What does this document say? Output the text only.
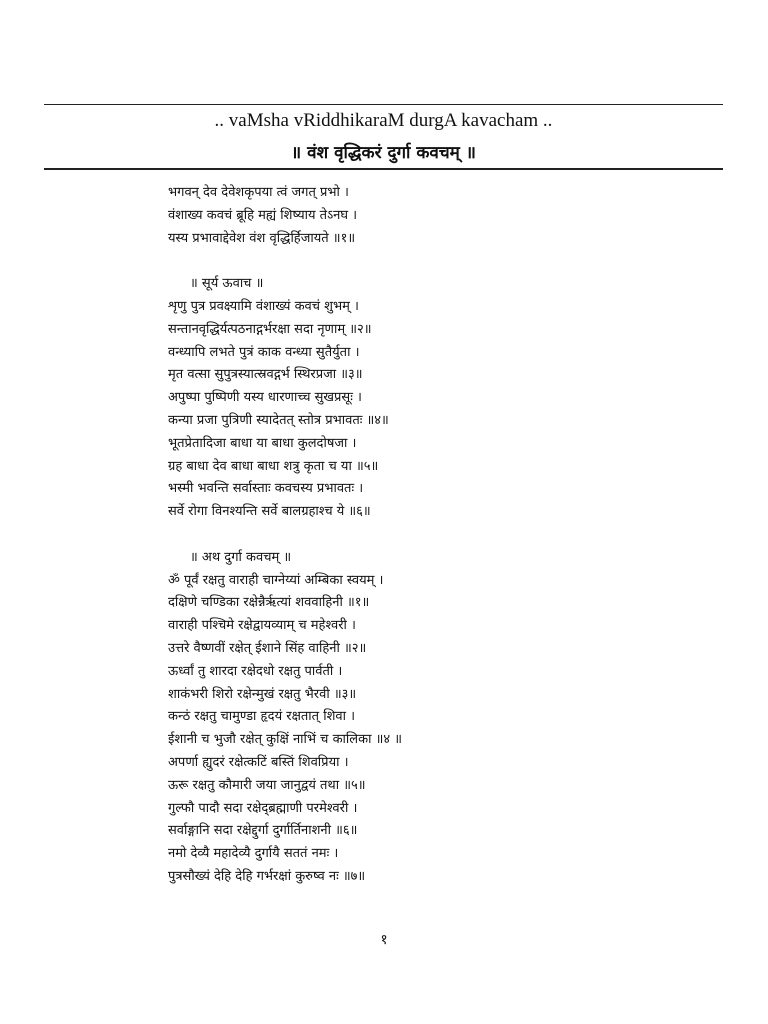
.. vaMsha vRiddhikaraM durgA kavacham ..
॥ वंश वृद्धिकरं दुर्गा कवचम् ॥
भगवन् देव देवेशकृपया त्वं जगत् प्रभो ।
वंशाख्य कवचं ब्रूहि मह्यं शिष्याय तेऽनघ ।
यस्य प्रभावाद्देवेश वंश वृद्धिर्हिजायते ॥१॥
॥ सूर्य ऊवाच ॥
शृणु पुत्र प्रवक्ष्यामि वंशाख्यं कवचं शुभम् ।
सन्तानवृद्धिर्यत्पठनाद्गर्भरक्षा सदा नृणाम् ॥२॥
वन्ध्यापि लभते पुत्रं काक वन्ध्या सुतैर्युता ।
मृत वत्सा सुपुत्रस्यात्स्रवद्गर्भ स्थिरप्रजा ॥३॥
अपुष्पा पुष्पिणी यस्य धारणाच्च सुखप्रसूः ।
कन्या प्रजा पुत्रिणी स्यादेतत् स्तोत्र प्रभावतः ॥४॥
भूतप्रेतादिजा बाधा या बाधा कुलदोषजा ।
ग्रह बाधा देव बाधा बाधा शत्रु कृता च या ॥५॥
भस्मी भवन्ति सर्वास्ताः कवचस्य प्रभावतः ।
सर्वे रोगा विनश्यन्ति सर्वे बालग्रहाश्च ये ॥६॥
॥ अथ दुर्गा कवचम् ॥
ॐ पूर्वं रक्षतु वाराही चाग्नेय्यां अम्बिका स्वयम् ।
दक्षिणे चण्डिका रक्षेन्नैरृत्यां शववाहिनी ॥१॥
वाराही पश्चिमे रक्षेद्वायव्याम् च महेश्वरी ।
उत्तरे वैष्णवीं रक्षेत् ईशाने सिंह वाहिनी ॥२॥
ऊर्ध्वां तु शारदा रक्षेदधो रक्षतु पार्वती ।
शाकंभरी शिरो रक्षेन्मुखं रक्षतु भैरवी ॥३॥
कन्ठं रक्षतु चामुण्डा हृदयं रक्षतात् शिवा ।
ईशानी च भुजौ रक्षेत् कुक्षिं नाभिं च कालिका ॥४ ॥
अपर्णा ह्युदरं रक्षेत्कटिं बस्तिं शिवप्रिया ।
ऊरू रक्षतु कौमारी जया जानुद्वयं तथा ॥५॥
गुल्फौ पादौ सदा रक्षेद्ब्रह्माणी परमेश्वरी ।
सर्वाङ्गानि सदा रक्षेद्दुर्गा दुर्गार्तिनाशनी ॥६॥
नमो देव्यै महादेव्यै दुर्गायै सततं नमः ।
पुत्रसौख्यं देहि देहि गर्भरक्षां कुरुष्व नः ॥७॥
१
